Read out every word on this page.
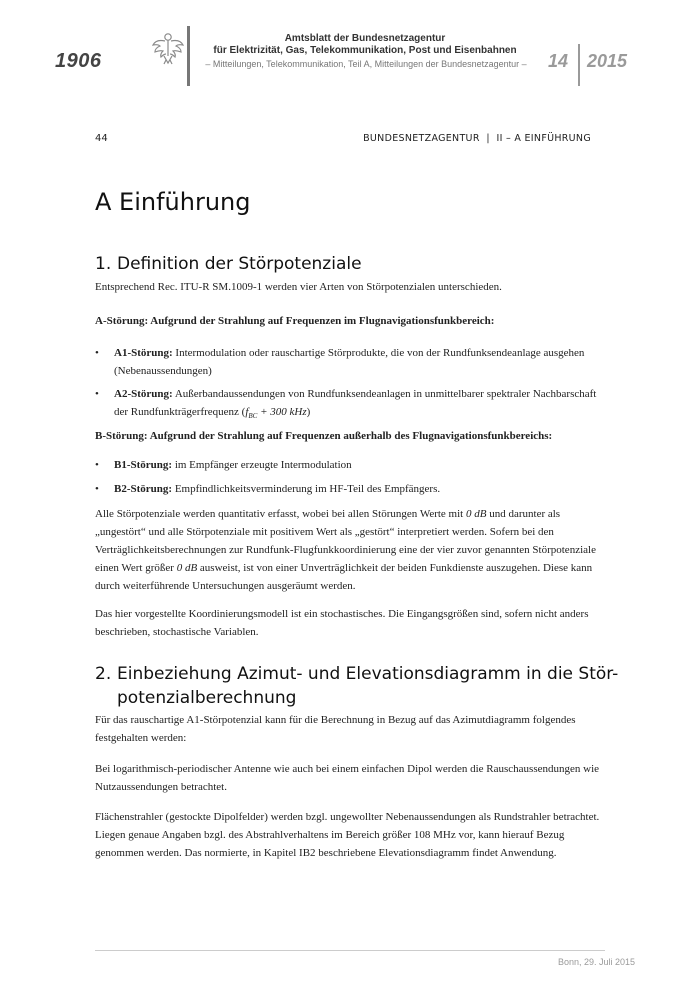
1906
Amtsblatt der Bundesnetzagentur
für Elektrizität, Gas, Telekommunikation, Post und Eisenbahnen
– Mitteilungen, Telekommunikation, Teil A, Mitteilungen der Bundesnetzagentur –	14 2015
44	BUNDESNETZAGENTUR  |  II – A EINFÜHRUNG
A Einführung
1. Definition der Störpotenziale
Entsprechend Rec. ITU-R SM.1009-1 werden vier Arten von Störpotenzialen unterschieden.
A-Störung: Aufgrund der Strahlung auf Frequenzen im Flugnavigationsfunkbereich:
• A1-Störung: Intermodulation oder rauschartige Störprodukte, die von der Rundfunksendeanlage ausgehen (Nebenaussendungen)
• A2-Störung: Außerbandaussendungen von Rundfunksendeanlagen in unmittelbarer spektraler Nachbarschaft der Rundfunkträgerfrequenz ($f_{BC} + 300$ kHz)
B-Störung: Aufgrund der Strahlung auf Frequenzen außerhalb des Flugnavigationsfunkbereichs:
• B1-Störung: im Empfänger erzeugte Intermodulation
• B2-Störung: Empfindlichkeitsverminderung im HF-Teil des Empfängers.
Alle Störpotenziale werden quantitativ erfasst, wobei bei allen Störungen Werte mit 0 dB und darunter als „ungestört“ und alle Störpotenziale mit positivem Wert als „gestört“ interpretiert werden. Sofern bei den Verträglichkeitsberechnungen zur Rundfunk-Flugfunkkoordinierung eine der vier zuvor genannten Störpotenziale einen Wert größer 0 dB ausweist, ist von einer Unverträglichkeit der beiden Funkdienste auszugehen. Diese kann durch weiterführende Untersuchungen ausgeräumt werden.
Das hier vorgestellte Koordinierungsmodell ist ein stochastisches. Die Eingangsgrößen sind, sofern nicht anders beschrieben, stochastische Variablen.
2. Einbeziehung Azimut- und Elevationsdiagramm in die Stör-
potenzialberechnung
Für das rauschartige A1-Störpotenzial kann für die Berechnung in Bezug auf das Azimutdiagramm folgendes festgehalten werden:
Bei logarithmisch-periodischer Antenne wie auch bei einem einfachen Dipol werden die Rauschaussendungen wie Nutzaussendungen betrachtet.
Flächenstrahler (gestockte Dipolfelder) werden bzgl. ungewollter Nebenaussendungen als Rundstrahler betrachtet. Liegen genaue Angaben bzgl. des Abstrahlverhaltens im Bereich größer 108 MHz vor, kann hierauf Bezug genommen werden. Das normierte, in Kapitel IB2 beschriebene Elevationsdiagramm findet Anwendung.
Bonn, 29. Juli 2015
